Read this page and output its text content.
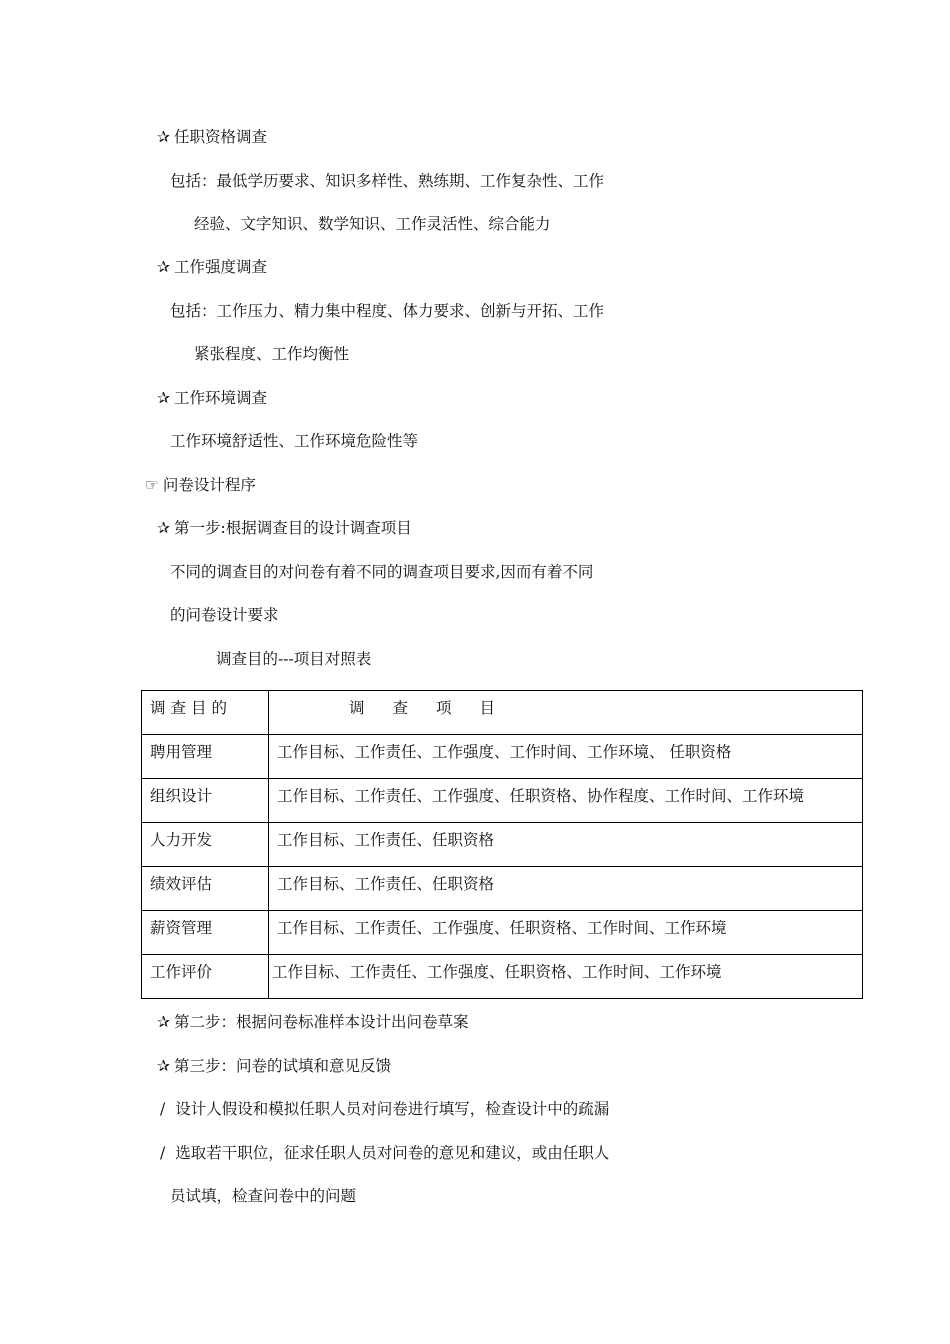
✰ 任职资格调查
包括：最低学历要求、知识多样性、熟练期、工作复杂性、工作
经验、文字知识、数学知识、工作灵活性、综合能力
✰ 工作强度调查
包括：工作压力、精力集中程度、体力要求、创新与开拓、工作
紧张程度、工作均衡性
✰ 工作环境调查
工作环境舒适性、工作环境危险性等
☞ 问卷设计程序
✰ 第一步:根据调查目的设计调查项目
不同的调查目的对问卷有着不同的调查项目要求,因而有着不同
的问卷设计要求
调查目的---项目对照表
调查目的	调查项目
聘用管理	工作目标、工作责任、工作强度、工作时间、工作环境、 任职资格
组织设计	工作目标、工作责任、工作强度、任职资格、协作程度、工作时间、工作环境
人力开发	工作目标、工作责任、任职资格
绩效评估	工作目标、工作责任、任职资格
薪资管理	工作目标、工作责任、工作强度、任职资格、工作时间、工作环境
工作评价	工作目标、工作责任、工作强度、任职资格、工作时间、工作环境
✰ 第二步：根据问卷标准样本设计出问卷草案
✰ 第三步：问卷的试填和意见反馈
/ 设计人假设和模拟任职人员对问卷进行填写，检查设计中的疏漏
/ 选取若干职位，征求任职人员对问卷的意见和建议，或由任职人
员试填，检查问卷中的问题
